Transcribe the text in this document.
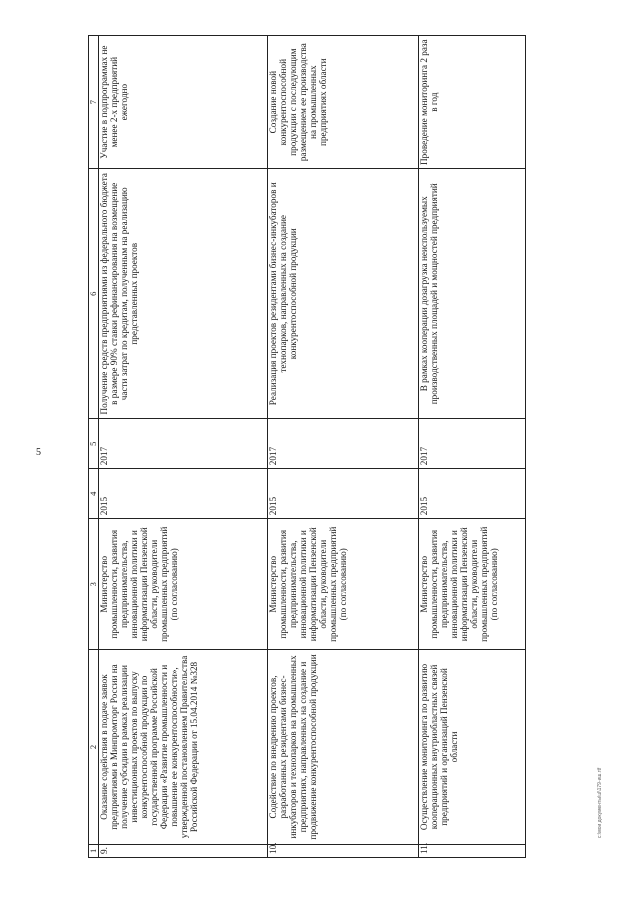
5
1	2	3	4	5	6	7
9.	Оказание содействия в подаче заявок предприятиями в Минпромторг России на получение субсидии в рамках реализации инвестиционных проектов по выпуску конкурентоспособной продукции по государственной программе Российской Федерации «Развитие промышленности и повышение ее конкурентоспособности», утвержденной постановлением Правительства Российской Федерации от 15.04.2014 №328	Министерство промышленности, развития предпринимательства, инновационной политики и информатизации Пензенской области, руководители промышленных предприятий (по согласованию)	2015	2017	Получение средств предприятиями из федерального бюджета в размере 90% ставки рефинансирования на возмещение части затрат по кредитам, полученным на реализацию представленных проектов	Участие в подпрограммах не менее 2-х предприятий ежегодно
10.	Содействие по внедрению проектов, разработанных резидентами бизнес-инкубаторов и технопарков на промышленных предприятиях, направленных на создание и продвижение конкурентоспособной продукции	Министерство промышленности, развития предпринимательства, инновационной политики и информатизации Пензенской области, руководители промышленных предприятий (по согласованию)	2015	2017	Реализация проектов резидентами бизнес-инкубаторов и технопарков, направленных на создание конкурентоспособной продукции	Создание новой конкурентоспособной продукции с последующим размещением ее производства на промышленных предприятиях области
11.	Осуществление мониторинга по развитию кооперационных внутриобластных связей предприятий и организаций Пензенской области	Министерство промышленности, развития предпринимательства, инновационной политики и информатизации Пензенской области, руководители промышленных предприятий (по согласованию)	2015	2017	В рамках кооперации дозагрузка неиспользуемых производственных площадей и мощностей предприятий	Проведение мониторинга 2 раза в год
c:\мои документы\ul\179-иш.rtf
